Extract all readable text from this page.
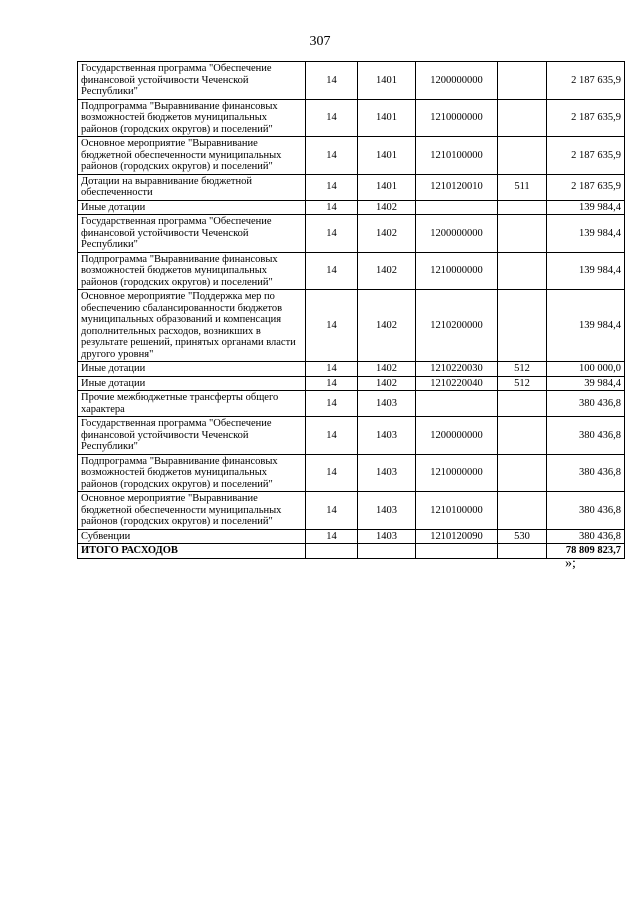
307
Государственная программа "Обеспечение финансовой устойчивости Чеченской Республики"	14	1401	1200000000		2 187 635,9
Подпрограмма "Выравнивание финансовых возможностей бюджетов муниципальных районов (городских округов) и поселений"	14	1401	1210000000		2 187 635,9
Основное мероприятие "Выравнивание бюджетной обеспеченности муниципальных районов (городских округов) и поселений"	14	1401	1210100000		2 187 635,9
Дотации на выравнивание бюджетной обеспеченности	14	1401	1210120010	511	2 187 635,9
Иные дотации	14	1402			139 984,4
Государственная программа "Обеспечение финансовой устойчивости Чеченской Республики"	14	1402	1200000000		139 984,4
Подпрограмма "Выравнивание финансовых возможностей бюджетов муниципальных районов (городских округов) и поселений"	14	1402	1210000000		139 984,4
Основное мероприятие "Поддержка мер по обеспечению сбалансированности бюджетов муниципальных образований и компенсация дополнительных расходов, возникших в результате решений, принятых органами власти другого уровня"	14	1402	1210200000		139 984,4
Иные дотации	14	1402	1210220030	512	100 000,0
Иные дотации	14	1402	1210220040	512	39 984,4
Прочие межбюджетные трансферты общего характера	14	1403			380 436,8
Государственная программа "Обеспечение финансовой устойчивости Чеченской Республики"	14	1403	1200000000		380 436,8
Подпрограмма "Выравнивание финансовых возможностей бюджетов муниципальных районов (городских округов) и поселений"	14	1403	1210000000		380 436,8
Основное мероприятие "Выравнивание бюджетной обеспеченности муниципальных районов (городских округов) и поселений"	14	1403	1210100000		380 436,8
Субвенции	14	1403	1210120090	530	380 436,8
ИТОГО РАСХОДОВ					78 809 823,7
»;
